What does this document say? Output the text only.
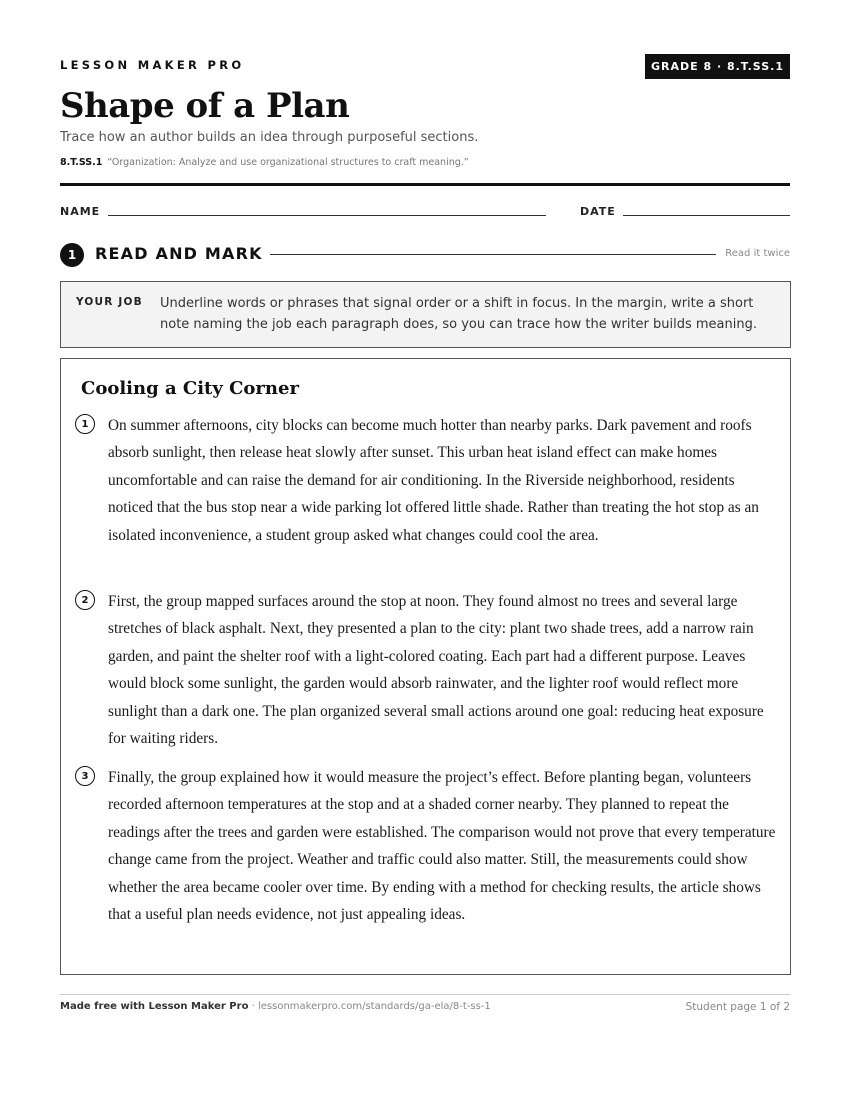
LESSON MAKER PRO	GRADE 8 · 8.T.SS.1
Shape of a Plan
Trace how an author builds an idea through purposeful sections.
8.T.SS.1 “Organization: Analyze and use organizational structures to craft meaning.”
NAME	DATE
1	READ AND MARK	Read it twice
YOUR JOB Underline words or phrases that signal order or a shift in focus. In the margin, write a short note naming the job each paragraph does, so you can trace how the writer builds meaning.
Cooling a City Corner
1	On summer afternoons, city blocks can become much hotter than nearby parks. Dark pavement and roofs absorb sunlight, then release heat slowly after sunset. This urban heat island effect can make homes uncomfortable and can raise the demand for air conditioning. In the Riverside neighborhood, residents noticed that the bus stop near a wide parking lot offered little shade. Rather than treating the hot stop as an isolated inconvenience, a student group asked what changes could cool the area.

2	First, the group mapped surfaces around the stop at noon. They found almost no trees and several large stretches of black asphalt. Next, they presented a plan to the city: plant two shade trees, add a narrow rain garden, and paint the shelter roof with a light-colored coating. Each part had a different purpose. Leaves would block some sunlight, the garden would absorb rainwater, and the lighter roof would reflect more sunlight than a dark one. The plan organized several small actions around one goal: reducing heat exposure for waiting riders.

3	Finally, the group explained how it would measure the project’s effect. Before planting began, volunteers recorded afternoon temperatures at the stop and at a shaded corner nearby. They planned to repeat the readings after the trees and garden were established. The comparison would not prove that every temperature change came from the project. Weather and traffic could also matter. Still, the measurements could show whether the area became cooler over time. By ending with a method for checking results, the article shows that a useful plan needs evidence, not just appealing ideas.

Made free with Lesson Maker Pro · lessonmakerpro.com/standards/ga-ela/8-t-ss-1	Student page 1 of 2
